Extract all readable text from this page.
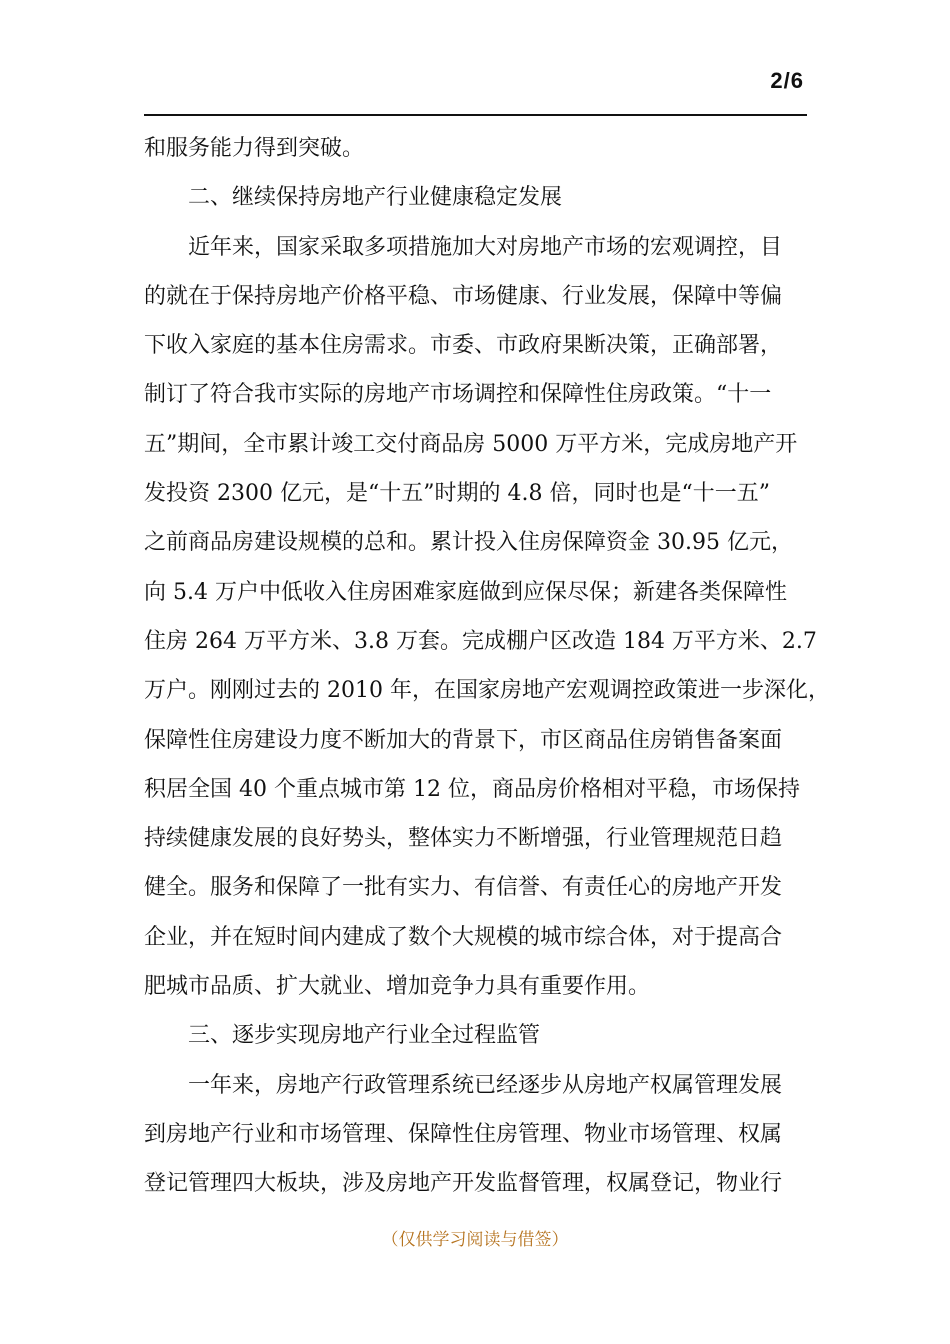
2/6
和服务能力得到突破。
二、继续保持房地产行业健康稳定发展
近年来，国家采取多项措施加大对房地产市场的宏观调控，目
的就在于保持房地产价格平稳、市场健康、行业发展，保障中等偏
下收入家庭的基本住房需求。市委、市政府果断决策，正确部署，
制订了符合我市实际的房地产市场调控和保障性住房政策。“十一
五”期间，全市累计竣工交付商品房 5000 万平方米，完成房地产开
发投资 2300 亿元，是“十五”时期的 4.8 倍，同时也是“十一五”
之前商品房建设规模的总和。累计投入住房保障资金 30.95 亿元，
向 5.4 万户中低收入住房困难家庭做到应保尽保；新建各类保障性
住房 264 万平方米、3.8 万套。完成棚户区改造 184 万平方米、2.7
万户。刚刚过去的 2010 年，在国家房地产宏观调控政策进一步深化，
保障性住房建设力度不断加大的背景下，市区商品住房销售备案面
积居全国 40 个重点城市第 12 位，商品房价格相对平稳，市场保持
持续健康发展的良好势头，整体实力不断增强，行业管理规范日趋
健全。服务和保障了一批有实力、有信誉、有责任心的房地产开发
企业，并在短时间内建成了数个大规模的城市综合体，对于提高合
肥城市品质、扩大就业、增加竞争力具有重要作用。
三、逐步实现房地产行业全过程监管
一年来，房地产行政管理系统已经逐步从房地产权属管理发展
到房地产行业和市场管理、保障性住房管理、物业市场管理、权属
登记管理四大板块，涉及房地产开发监督管理，权属登记，物业行
（仅供学习阅读与借签）
